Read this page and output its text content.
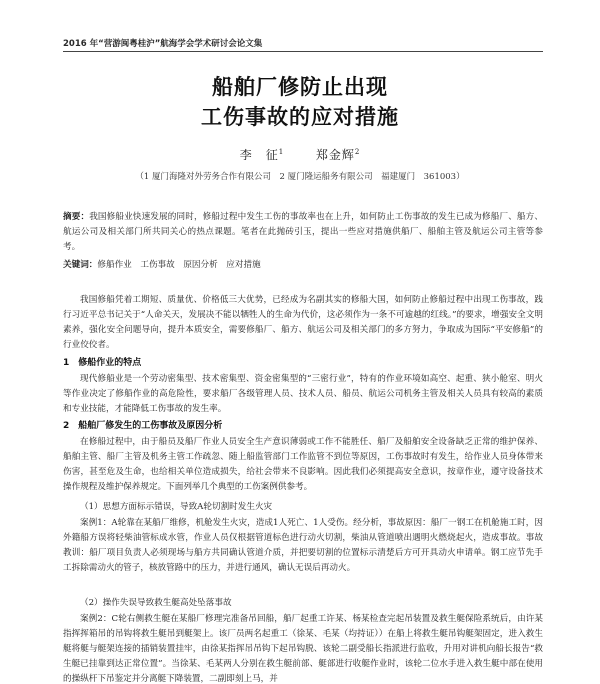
2016 年“营游闽粤桂沪”航海学会学术研讨会论文集
船舶厂修防止出现
工伤事故的应对措施
李　征$^1$	郑金辉$^2$
（1 厦门海隆对外劳务合作有限公司　2 厦门隆运船务有限公司　福建厦门　361003）
摘要：我国修船业快速发展的同时，修船过程中发生工伤的事故率也在上升，如何防止工伤事故的发生已成为修船厂、船方、航运公司及相关部门所共同关心的热点课题。笔者在此抛砖引玉，提出一些应对措施供船厂、船舶主管及航运公司主管等参考。
关键词：修船作业　工伤事故　原因分析　应对措施
我国修船凭着工期短、质量优、价格低三大优势，已经成为名副其实的修船大国，如何防止修船过程中出现工伤事故，践行习近平总书记关于“人命关天，发展决不能以牺牲人的生命为代价，这必须作为一条不可逾越的红线。”的要求，增强安全文明素养，强化安全问题导向，提升本质安全，需要修船厂、船方、航运公司及相关部门的多方努力，争取成为国际“平安修船”的行业佼佼者。
1　修船作业的特点
现代修船业是一个劳动密集型、技术密集型、资金密集型的“三密行业”，特有的作业环境如高空、起重、狭小舱室、明火等作业决定了修船作业的高危险性，要求船厂各级管理人员、技术人员、船员、航运公司机务主管及相关人员具有较高的素质和专业技能，才能降低工伤事故的发生率。
2　船舶厂修发生的工伤事故及原因分析
在修船过程中，由于船员及船厂作业人员安全生产意识薄弱或工作不能胜任、船厂及船舶安全设备缺乏正常的维护保养、船舶主管、船厂主管及机务主管工作疏忽、随上船监管部门工作监管不到位等原因，工伤事故时有发生，给作业人员身体带来伤害，甚至危及生命，也给相关单位造成损失，给社会带来不良影响。因此我们必须提高安全意识，按章作业，遵守设备技术操作规程及维护保养规定。下面列举几个典型的工伤案例供参考。
（1）思想方面标示错误，导致A轮切割时发生火灾
案例1：A轮靠在某船厂维修，机舱发生火灾，造成1人死亡、1人受伤。经分析，事故原因：船厂一钢工在机舱施工时，因外籍船方误将轻柴油管标成水管，作业人员仅根据管道标色进行动火切割，柴油从管道喷出遇明火燃烧起火，造成事故。事故教训：船厂项目负责人必须现场与船方共同确认管道介质，并把要切割的位置标示清楚后方可开具动火申请单。钢工应节先手工拆除需动火的管子，核放管路中的压力，并进行通风，确认无误后再动火。
（2）操作失误导致救生艇高处坠落事故
案例2：C轮右侧救生艇在某船厂修理完准备吊回船，船厂起重工许某、杨某检查完起吊装置及救生艇保险系统后，由许某指挥挥箱吊的吊钩将救生艇吊到艇架上。该厂员两名起重工（徐某、毛某（均持证））在船上将救生艇吊钩艇架固定，进入救生艇将艇与艇架连接的插销装置挂牢，由徐某指挥吊吊钩下起吊钩脱、该轮二副受船长指派进行监收，升用对讲机向船长报告“救生艇已挂靠到达正常位置”。当徐某、毛某两人分别在救生艇前部、艇部进行收艇作业时，该轮二位水手进入救生艇中部在使用的操纵杆下吊鉴定并分离艇下降装置，二副即刻上马，并
